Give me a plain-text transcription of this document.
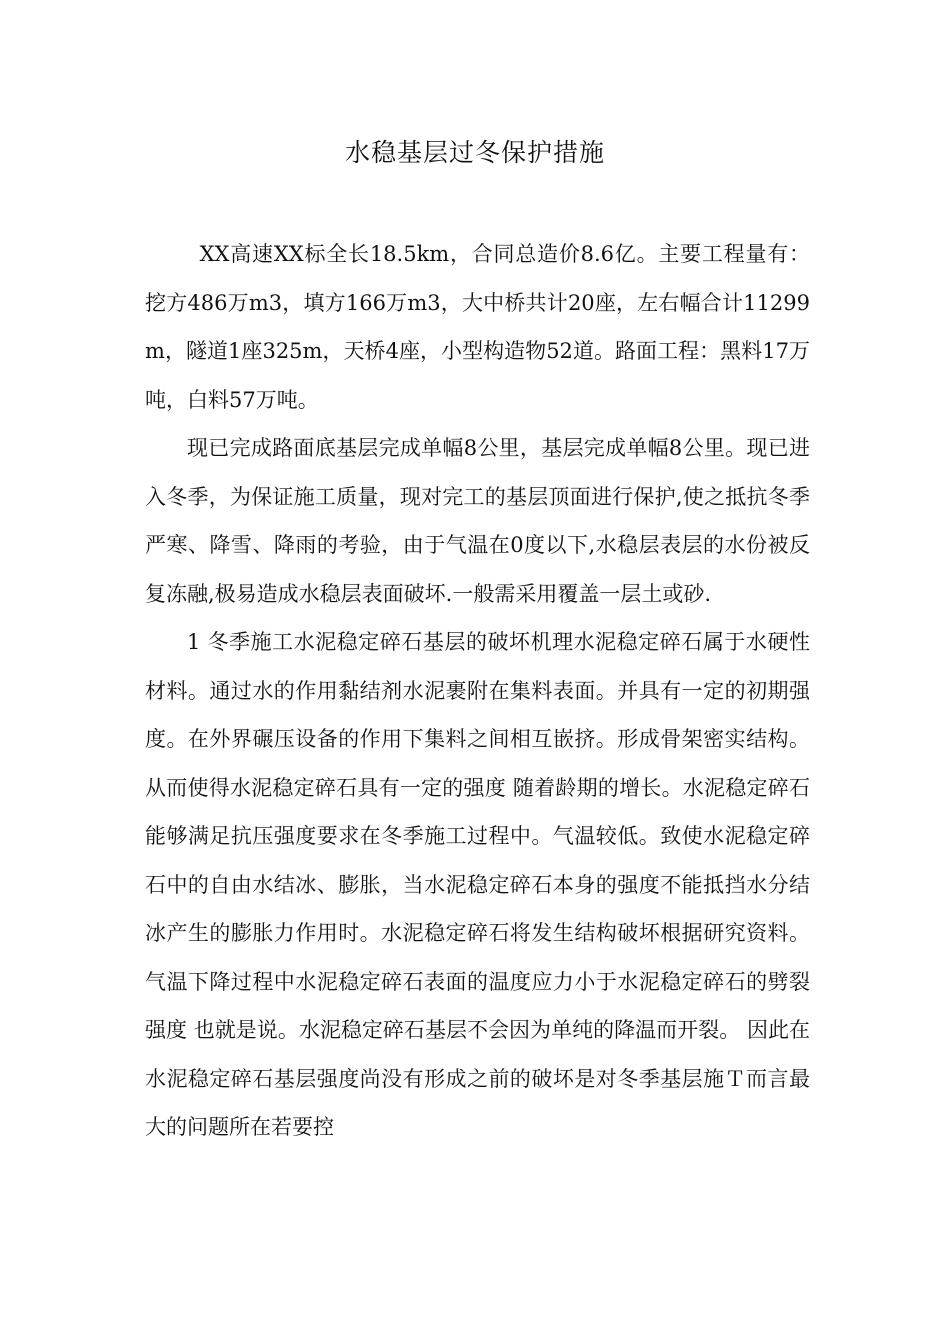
水稳基层过冬保护措施

XX高速XX标全长18.5km，合同总造价8.6亿。主要工程量有：挖方486万m3，填方166万m3，大中桥共计20座，左右幅合计11299m，隧道1座325m，天桥4座，小型构造物52道。路面工程：黑料17万吨，白料57万吨。

现已完成路面底基层完成单幅8公里，基层完成单幅8公里。现已进入冬季，为保证施工质量，现对完工的基层顶面进行保护,使之抵抗冬季严寒、降雪、降雨的考验，由于气温在0度以下,水稳层表层的水份被反复冻融,极易造成水稳层表面破坏.一般需采用覆盖一层土或砂.

1 冬季施工水泥稳定碎石基层的破坏机理水泥稳定碎石属于水硬性材料。通过水的作用黏结剂水泥裹附在集料表面。并具有一定的初期强度。在外界碾压设备的作用下集料之间相互嵌挤。形成骨架密实结构。从而使得水泥稳定碎石具有一定的强度 随着龄期的增长。水泥稳定碎石能够满足抗压强度要求在冬季施工过程中。气温较低。致使水泥稳定碎石中的自由水结冰、膨胀，当水泥稳定碎石本身的强度不能抵挡水分结冰产生的膨胀力作用时。水泥稳定碎石将发生结构破坏根据研究资料。气温下降过程中水泥稳定碎石表面的温度应力小于水泥稳定碎石的劈裂强度 也就是说。水泥稳定碎石基层不会因为单纯的降温而开裂。 因此在水泥稳定碎石基层强度尚没有形成之前的破坏是对冬季基层施Ｔ而言最大的问题所在若要控
